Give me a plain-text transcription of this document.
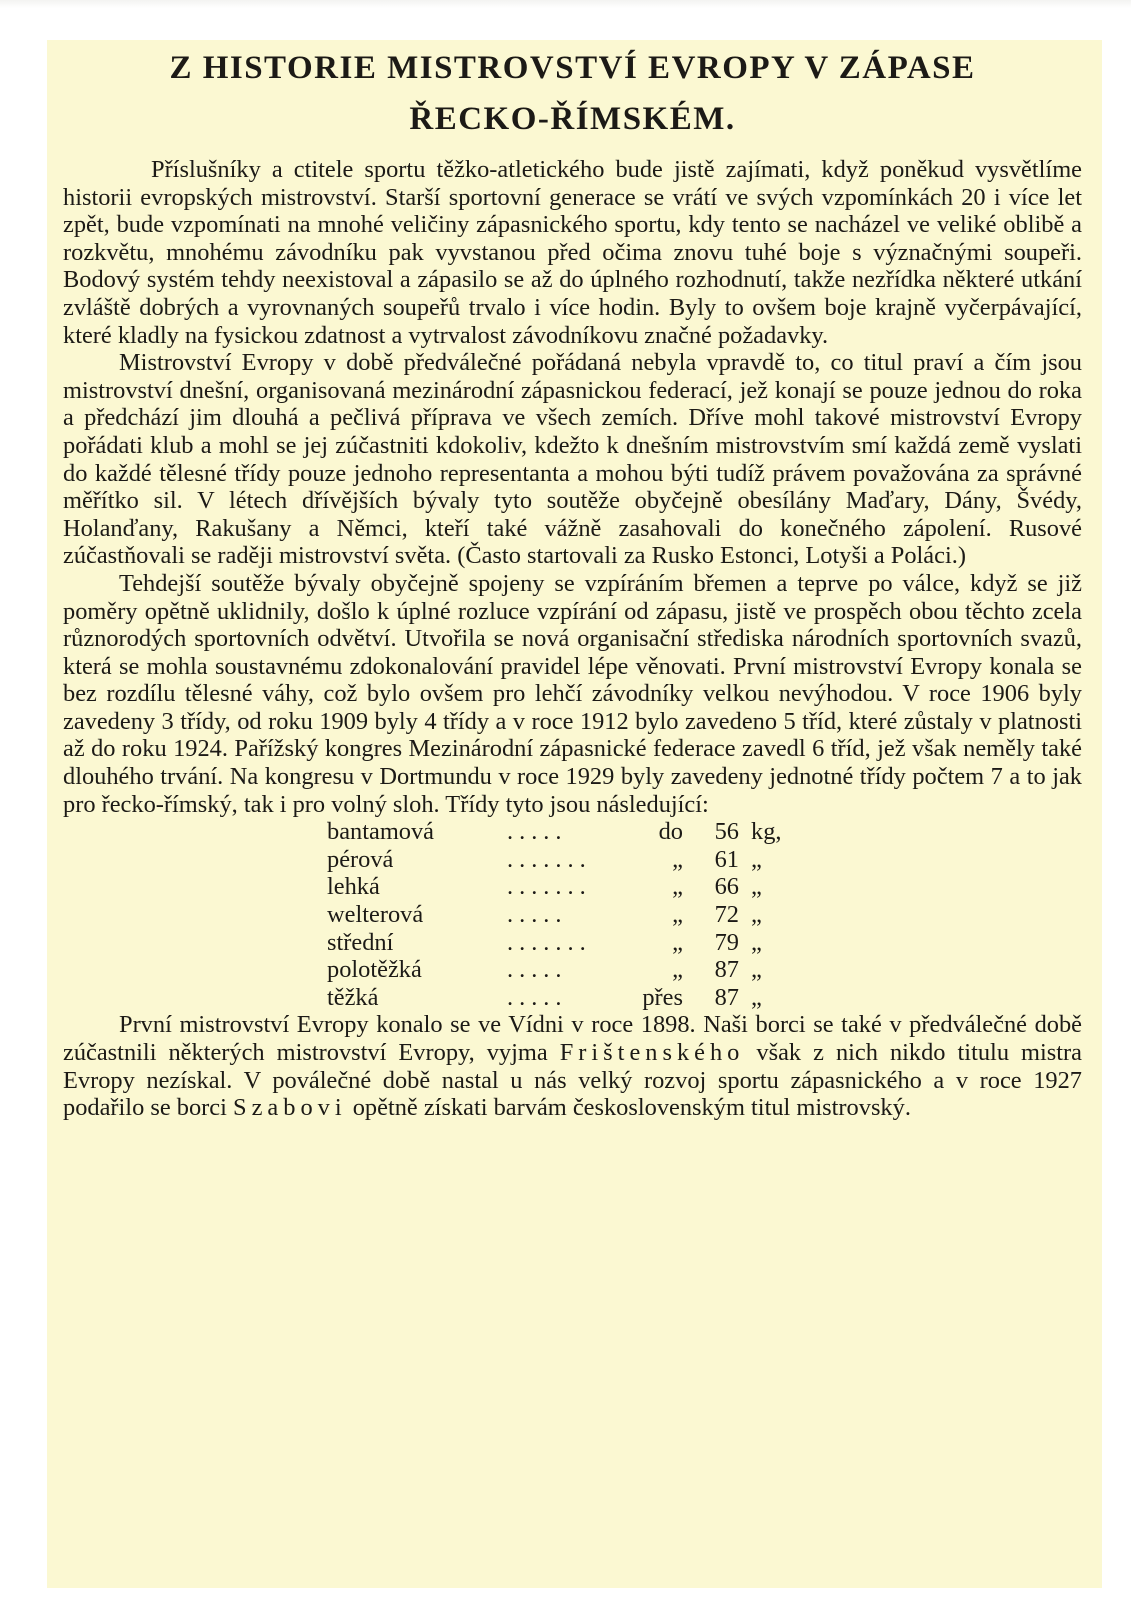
Z HISTORIE MISTROVSTVÍ EVROPY V ZÁPASE
ŘECKO-ŘÍMSKÉM.

Příslušníky a ctitele sportu těžko-atletického bude jistě zajímati, když poněkud vysvětlíme historii evropských mistrovství. Starší sportovní generace se vrátí ve svých vzpomínkách 20 i více let zpět, bude vzpomínati na mnohé veličiny zápasnického sportu, kdy tento se nacházel ve veliké oblibě a rozkvětu, mnohému závodníku pak vyvstanou před očima znovu tuhé boje s význačnými soupeři. Bodový systém tehdy neexistoval a zápasilo se až do úplného rozhodnutí, takže nezřídka některé utkání zvláště dobrých a vyrovnaných soupeřů trvalo i více hodin. Byly to ovšem boje krajně vyčerpávající, které kladly na fysickou zdatnost a vytrvalost závodníkovu značné požadavky.

Mistrovství Evropy v době předválečné pořádaná nebyla vpravdě to, co titul praví a čím jsou mistrovství dnešní, organisovaná mezinárodní zápasnickou federací, jež konají se pouze jednou do roka a předchází jim dlouhá a pečlivá příprava ve všech zemích. Dříve mohl takové mistrovství Evropy pořádati klub a mohl se jej zúčastniti kdokoliv, kdežto k dnešním mistrovstvím smí každá země vyslati do každé tělesné třídy pouze jednoho representanta a mohou býti tudíž právem považována za správné měřítko sil. V létech dřívějších bývaly tyto soutěže obyčejně obesílány Maďary, Dány, Švédy, Holanďany, Rakušany a Němci, kteří také vážně zasahovali do konečného zápolení. Rusové zúčastňovali se raději mistrovství světa. (Často startovali za Rusko Estonci, Lotyši a Poláci.)

Tehdejší soutěže bývaly obyčejně spojeny se vzpíráním břemen a teprve po válce, když se již poměry opětně uklidnily, došlo k úplné rozluce vzpírání od zápasu, jistě ve prospěch obou těchto zcela různorodých sportovních odvětví. Utvořila se nová organisační střediska národních sportovních svazů, která se mohla soustavnému zdokonalování pravidel lépe věnovati. První mistrovství Evropy konala se bez rozdílu tělesné váhy, což bylo ovšem pro lehčí závodníky velkou nevýhodou. V roce 1906 byly zavedeny 3 třídy, od roku 1909 byly 4 třídy a v roce 1912 bylo zavedeno 5 tříd, které zůstaly v platnosti až do roku 1924. Pařížský kongres Mezinárodní zápasnické federace zavedl 6 tříd, jež však neměly také dlouhého trvání. Na kongresu v Dortmundu v roce 1929 byly zavedeny jednotné třídy počtem 7 a to jak pro řecko-římský, tak i pro volný sloh. Třídy tyto jsou následující:

bantamová	.....	do	56	kg,
pérová	.......	„	61	„
lehká	.......	„	66	„
welterová	.....	„	72	„
střední	.......	„	79	„
polotěžká	.....	„	87	„
těžká	.....	přes	87	„

První mistrovství Evropy konalo se ve Vídni v roce 1898. Naši borci se také v předválečné době zúčastnili některých mistrovství Evropy, vyjma Frištenského však z nich nikdo titulu mistra Evropy nezískal. V poválečné době nastal u nás velký rozvoj sportu zápasnického a v roce 1927 podařilo se borci Szabovi opětně získati barvám československým titul mistrovský.
